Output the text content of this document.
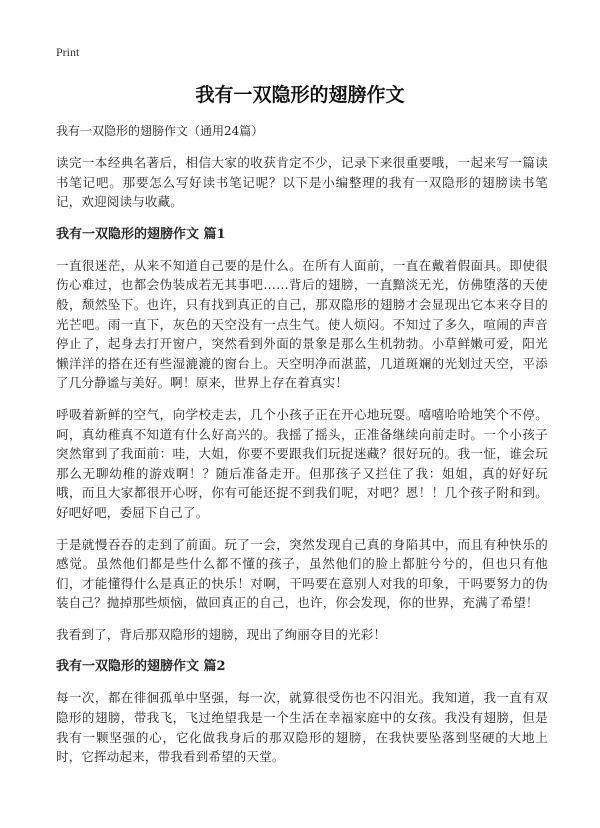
Print
我有一双隐形的翅膀作文
我有一双隐形的翅膀作文（通用24篇）

读完一本经典名著后，相信大家的收获肯定不少，记录下来很重要哦，一起来写一篇读书笔记吧。那要怎么写好读书笔记呢？以下是小编整理的我有一双隐形的翅膀读书笔记，欢迎阅读与收藏。

我有一双隐形的翅膀作文 篇1

一直很迷茫，从来不知道自己要的是什么。在所有人面前，一直在戴着假面具。即使很伤心难过，也都会伪装成若无其事吧……背后的翅膀，一直黯淡无光，仿佛堕落的天使般，颓然坠下。也许，只有找到真正的自己，那双隐形的翅膀才会显现出它本来夺目的光芒吧。雨一直下，灰色的天空没有一点生气。使人烦闷。不知过了多久，喧闹的声音停止了，起身去打开窗户，突然看到外面的景象是那么生机勃勃。小草鲜嫩可爱，阳光懒洋洋的搭在还有些湿漉漉的窗台上。天空明净而湛蓝，几道斑斓的光划过天空，平添了几分静谧与美好。啊！原来，世界上存在着真实！

呼吸着新鲜的空气，向学校走去，几个小孩子正在开心地玩耍。嘻嘻哈哈地笑个不停。呵，真幼稚真不知道有什么好高兴的。我摇了摇头，正准备继续向前走时。一个小孩子突然窜到了我面前：哇，大姐，你要不要跟我们玩捉迷藏？很好玩的。我一怔，谁会玩那么无聊幼稚的游戏啊！？随后准备走开。但那孩子又拦住了我：姐姐，真的好好玩哦，而且大家都很开心呀，你有可能还捉不到我们呢，对吧？恩！！几个孩子附和到。好吧好吧，委屈下自己了。

于是就慢吞吞的走到了前面。玩了一会，突然发现自己真的身陷其中，而且有种快乐的感觉。虽然他们都是些什么都不懂的孩子，虽然他们的脸上都脏兮兮的，但也只有他们，才能懂得什么是真正的快乐！对啊，干吗要在意别人对我的印象，干吗要努力的伪装自己？抛掉那些烦恼，做回真正的自己，也许，你会发现，你的世界，充满了希望！

我看到了，背后那双隐形的翅膀，现出了绚丽夺目的光彩！

我有一双隐形的翅膀作文 篇2

每一次，都在徘徊孤单中坚强，每一次，就算很受伤也不闪泪光。我知道，我一直有双隐形的翅膀，带我飞，飞过绝望我是一个生活在幸福家庭中的女孩。我没有翅膀，但是我有一颗坚强的心，它化做我身后的那双隐形的翅膀，在我快要坠落到坚硬的大地上时，它挥动起来，带我看到希望的天堂。
